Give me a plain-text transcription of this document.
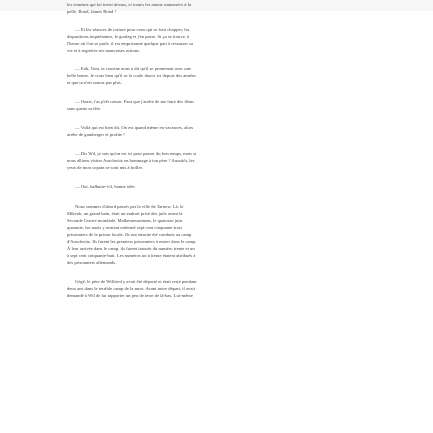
les ennemis qui lui tirent dessus, et toutes les nanas ramassées à la
pelle. Bond, James Bond !
— Et les séances de torture pour ceux qui se font chopper, les
disparitions inquiétantes, le goulag et j'en passe. Si ça se trouve, à
l'heure où l'on se parle, il est emprisonné quelque part à ressasser sa
vie et à regretter ses mauvaises actions.
— Euh, Tom, ta cousine nous a dit qu'il se promenait avec une
belle brune. Je crois bien qu'il se la coule douce ici depuis des années
et que tu n'en sauras pas plus.
— Ouais, t'as p'têt raison. Faut que j'arrête de me faire des films
sans queue ni tête.
— Voilà qui est bien dit. On est quand même en vacances, alors
arrête de gamberger et profite !
— Dis Wil, je sais qu'on est ici pour passer du bon temps, mais si
nous allions visiter Auschwitz en hommage à ton père ? Aussitôt, les
yeux de mon copain se sont mis à briller.
— Oui, balbutie-t-il, bonne idée.
Nous sommes d'abord passés par la ville de Tarnow. Là, le
Mikvah, un grand bain, était un endroit prisé des juifs avant la
Seconde Guerre mondiale. Malheureusement, le quatorze juin
quarante, les nazis y avaient enfermé sept cent cinquante-trois
prisonniers de la prison locale. Ils ont ensuite été conduits au camp
d'Auschwitz. Ils furent les premiers prisonniers à entrer dans le camp.
À leur arrivée dans le camp, ils furent tatoués du numéro trente et un
à sept cent cinquante-huit. Les numéros un à trente étaient attribués à
des prisonniers allemands.
Gégé, le père de Wilfried y avait été déporté et était resté pendant
deux ans dans le terrible camp de la mort. Avant notre départ, il avait
demandé à Wil de lui rapporter un peu de terre de là-bas. Lui-même
